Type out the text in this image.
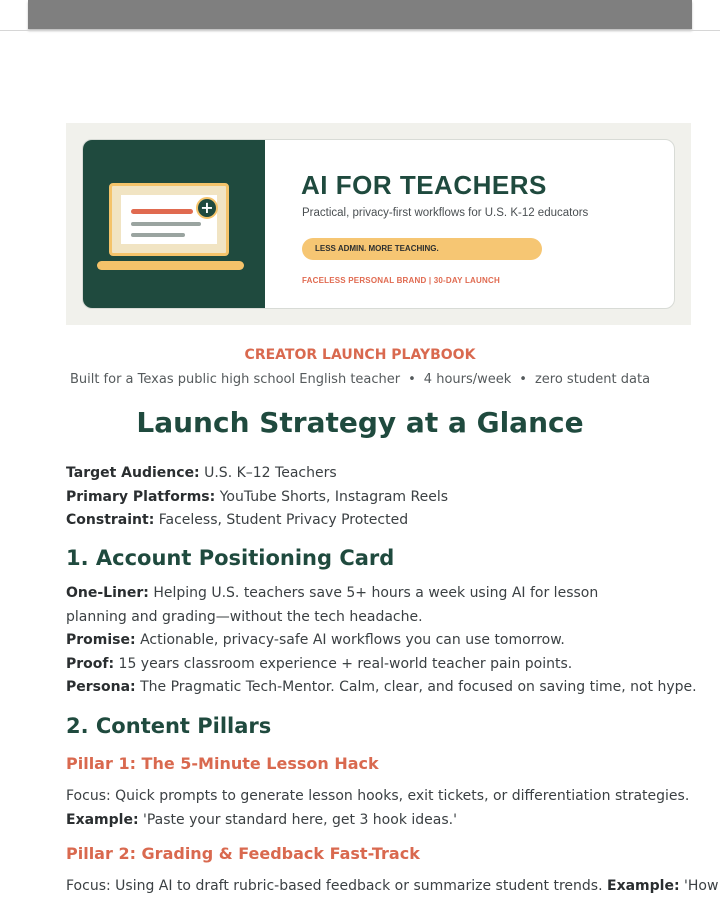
+
AI FOR TEACHERS
Practical, privacy-first workflows for U.S. K-12 educators
LESS ADMIN. MORE TEACHING.
FACELESS PERSONAL BRAND | 30-DAY LAUNCH
CREATOR LAUNCH PLAYBOOK
Built for a Texas public high school English teacher • 4 hours/week • zero student data
Launch Strategy at a Glance
Target Audience: U.S. K–12 Teachers
Primary Platforms: YouTube Shorts, Instagram Reels
Constraint: Faceless, Student Privacy Protected
1. Account Positioning Card
One-Liner: Helping U.S. teachers save 5+ hours a week using AI for lesson planning and grading—without the tech headache.
Promise: Actionable, privacy-safe AI workflows you can use tomorrow.
Proof: 15 years classroom experience + real-world teacher pain points.
Persona: The Pragmatic Tech-Mentor. Calm, clear, and focused on saving time, not hype.
2. Content Pillars
Pillar 1: The 5-Minute Lesson Hack
Focus: Quick prompts to generate lesson hooks, exit tickets, or differentiation strategies.
Example: 'Paste your standard here, get 3 hook ideas.'
Pillar 2: Grading & Feedback Fast-Track
Focus: Using AI to draft rubric-based feedback or summarize student trends. Example: 'How
